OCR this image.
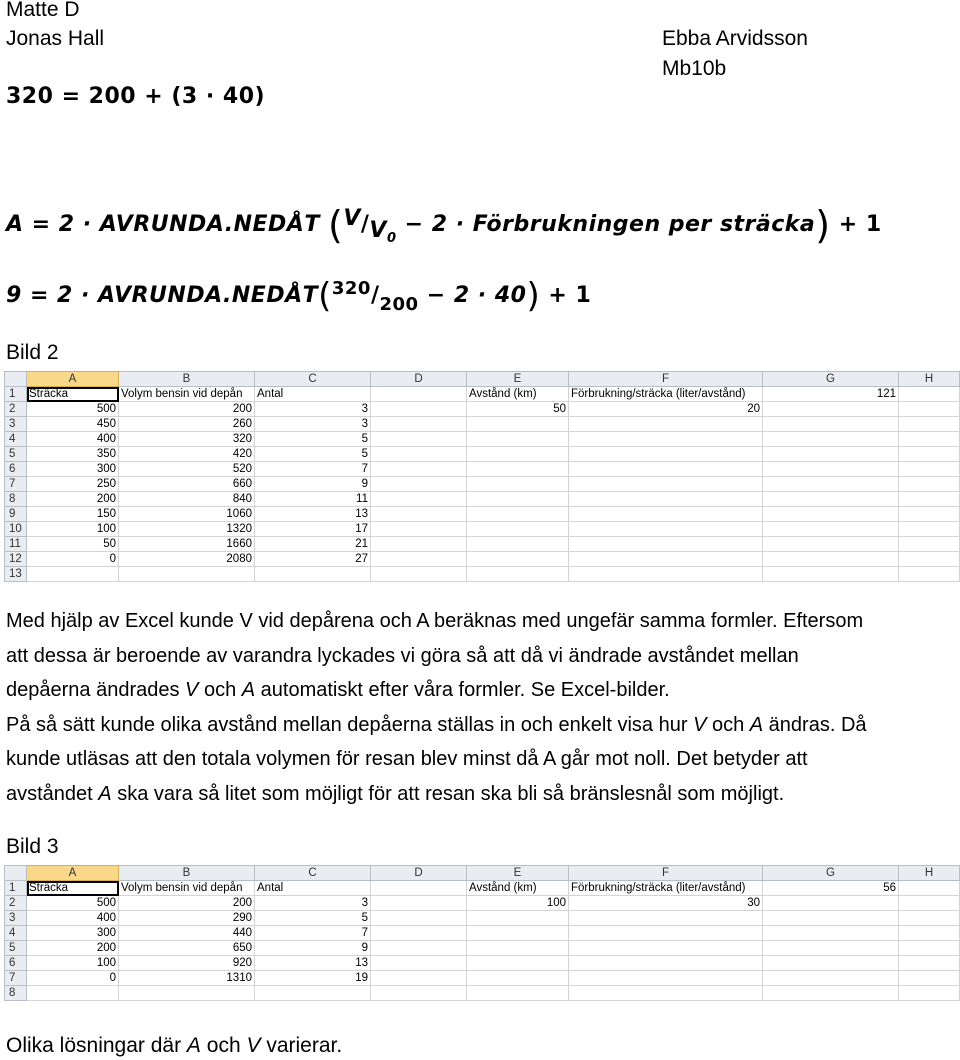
Matte D
Jonas Hall	Ebba Arvidsson
Mb10b
320 = 200 + (3 · 40)
A = 2 · AVRUNDA.NEDÅT ($V/V_0 - 2$ · Förbrukningen per sträcka) + 1
$9 = 2 \cdot AVRUNDA.NEDÅT(^{320}/_{200} - 2 \cdot 40) + 1$
Bild 2
	A	B	C	D	E	F	G	H
1	Sträcka	Volym bensin vid depån	Antal		Avstånd (km)	Förbrukning/sträcka (liter/avstånd)	121	
2	500	200	3		50	20		
3	450	260	3					
4	400	320	5					
5	350	420	5					
6	300	520	7					
7	250	660	9					
8	200	840	11					
9	150	1060	13					
10	100	1320	17					
11	50	1660	21					
12	0	2080	27					
13								

Med hjälp av Excel kunde V vid depårena och A beräknas med ungefär samma formler. Eftersom

att dessa är beroende av varandra lyckades vi göra så att då vi ändrade avståndet mellan

depåerna ändrades V och A automatiskt efter våra formler. Se Excel-bilder.

På så sätt kunde olika avstånd mellan depåerna ställas in och enkelt visa hur V och A ändras. Då

kunde utläsas att den totala volymen för resan blev minst då A går mot noll. Det betyder att

avståndet A ska vara så litet som möjligt för att resan ska bli så bränslesnål som möjligt.

Bild 3
	A	B	C	D	E	F	G	H
1	Sträcka	Volym bensin vid depån	Antal		Avstånd (km)	Förbrukning/sträcka (liter/avstånd)	56	
2	500	200	3		100	30		
3	400	290	5					
4	300	440	7					
5	200	650	9					
6	100	920	13					
7	0	1310	19					
8								
Olika lösningar där A och V varierar.
